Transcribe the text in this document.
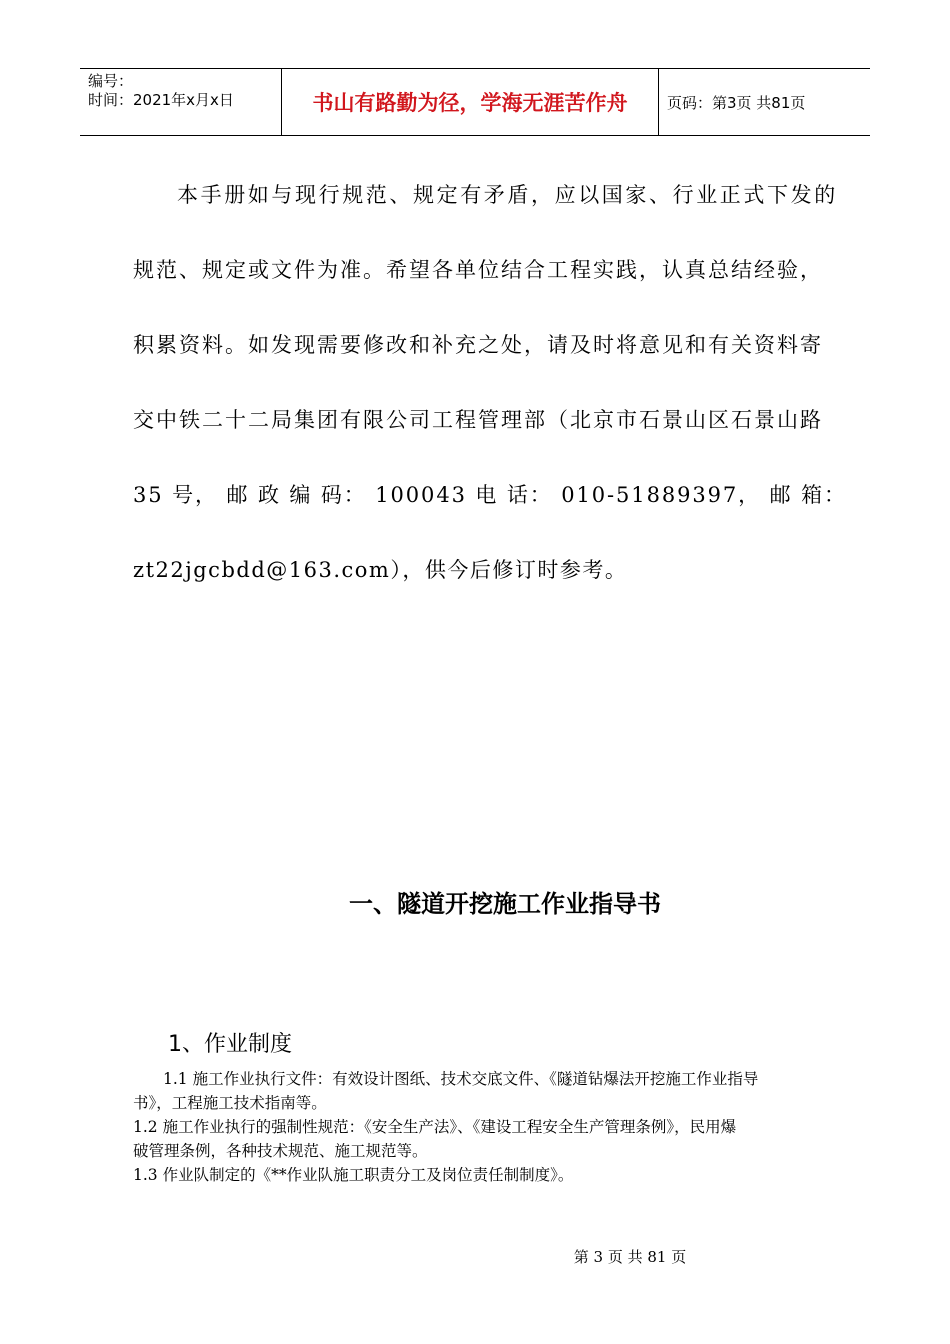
编号：
时间：2021年x月x日	书山有路勤为径，学海无涯苦作舟	页码：第3页 共81页
本手册如与现行规范、规定有矛盾，应以国家、行业正式下发的
规范、规定或文件为准。希望各单位结合工程实践，认真总结经验，
积累资料。如发现需要修改和补充之处，请及时将意见和有关资料寄
交中铁二十二局集团有限公司工程管理部（北京市石景山区石景山路
35 号， 邮 政 编 码： 100043 电 话： 010-51889397， 邮 箱：
zt22jgcbdd@163.com），供今后修订时参考。
一、隧道开挖施工作业指导书
1、作业制度
1.1 施工作业执行文件：有效设计图纸、技术交底文件、《隧道钻爆法开挖施工作业指导
书》，工程施工技术指南等。
1.2 施工作业执行的强制性规范：《安全生产法》、《建设工程安全生产管理条例》，民用爆
破管理条例，各种技术规范、施工规范等。
1.3 作业队制定的《**作业队施工职责分工及岗位责任制制度》。
第 3 页 共 81 页
